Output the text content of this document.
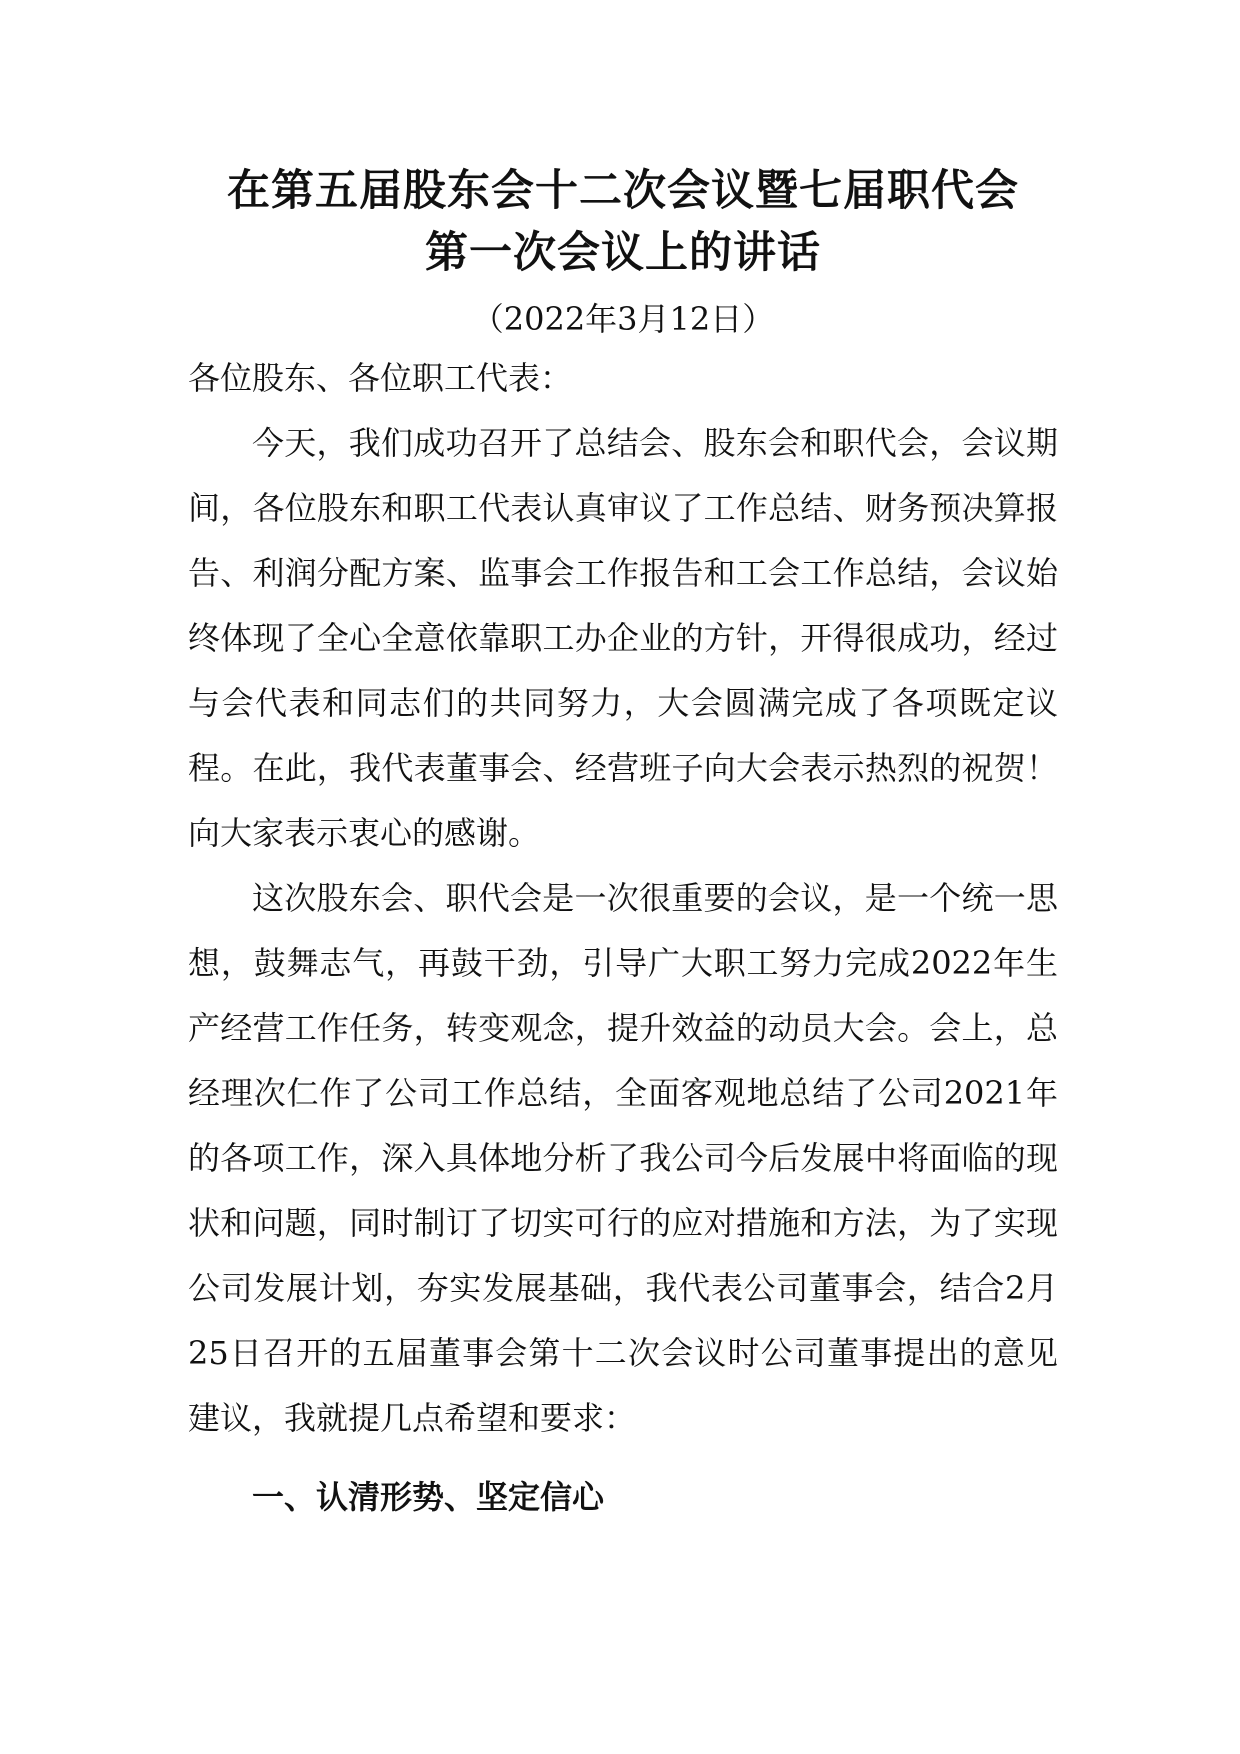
在第五届股东会十二次会议暨七届职代会
第一次会议上的讲话

（2022年3月12日）

各位股东、各位职工代表：

今天，我们成功召开了总结会、股东会和职代会，会议期间，各位股东和职工代表认真审议了工作总结、财务预决算报告、利润分配方案、监事会工作报告和工会工作总结，会议始终体现了全心全意依靠职工办企业的方针，开得很成功，经过与会代表和同志们的共同努力，大会圆满完成了各项既定议程。在此，我代表董事会、经营班子向大会表示热烈的祝贺！向大家表示衷心的感谢。

这次股东会、职代会是一次很重要的会议，是一个统一思想，鼓舞志气，再鼓干劲，引导广大职工努力完成2022年生产经营工作任务，转变观念，提升效益的动员大会。会上，总经理次仁作了公司工作总结，全面客观地总结了公司2021年的各项工作，深入具体地分析了我公司今后发展中将面临的现状和问题，同时制订了切实可行的应对措施和方法，为了实现公司发展计划，夯实发展基础，我代表公司董事会，结合2月25日召开的五届董事会第十二次会议时公司董事提出的意见建议，我就提几点希望和要求：

一、认清形势、坚定信心
